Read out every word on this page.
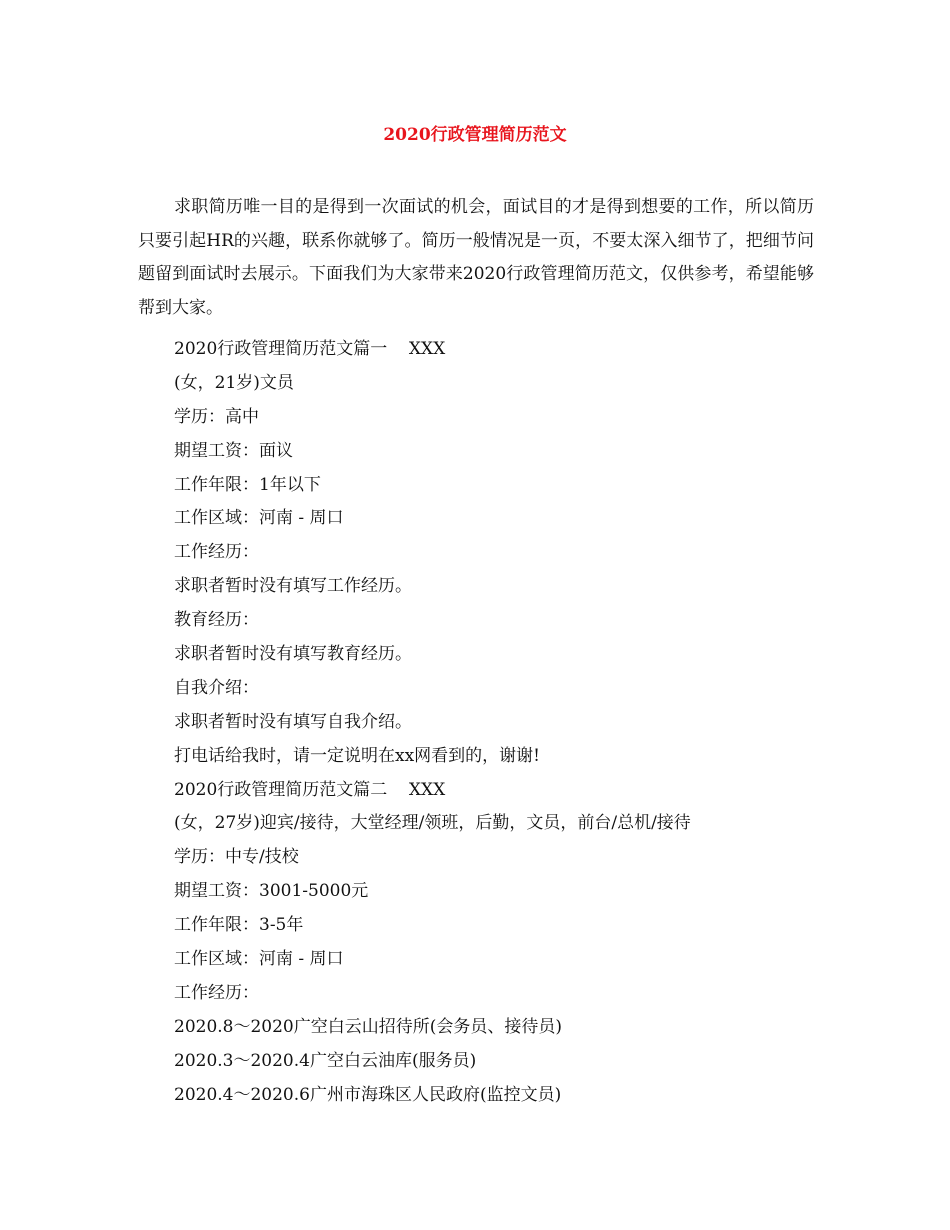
2020行政管理简历范文

求职简历唯一目的是得到一次面试的机会，面试目的才是得到想要的工作，所以简历只要引起HR的兴趣，联系你就够了。简历一般情况是一页，不要太深入细节了，把细节问题留到面试时去展示。下面我们为大家带来2020行政管理简历范文，仅供参考，希望能够帮到大家。

2020行政管理简历范文篇一    XXX
(女，21岁)文员
学历：高中
期望工资：面议
工作年限：1年以下
工作区域：河南 - 周口
工作经历：
求职者暂时没有填写工作经历。
教育经历：
求职者暂时没有填写教育经历。
自我介绍：
求职者暂时没有填写自我介绍。
打电话给我时，请一定说明在xx网看到的，谢谢!
2020行政管理简历范文篇二    XXX
(女，27岁)迎宾/接待，大堂经理/领班，后勤，文员，前台/总机/接待
学历：中专/技校
期望工资：3001-5000元
工作年限：3-5年
工作区域：河南 - 周口
工作经历：
2020.8～2020广空白云山招待所(会务员、接待员)
2020.3～2020.4广空白云油库(服务员)
2020.4～2020.6广州市海珠区人民政府(监控文员)
